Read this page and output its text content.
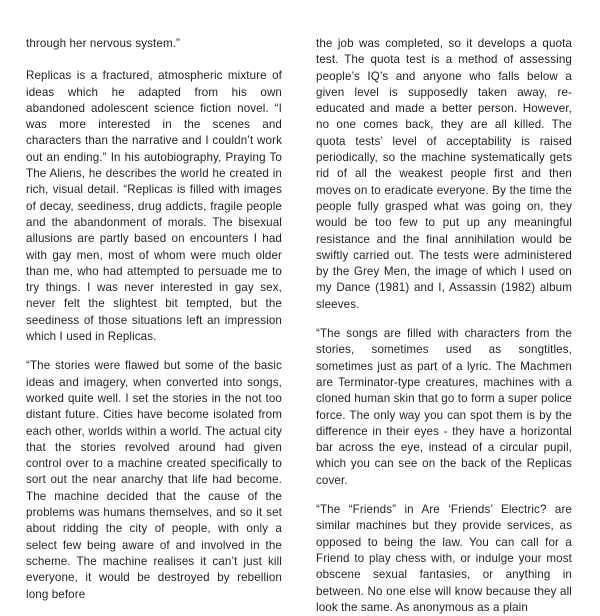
through her nervous system.”

Replicas is a fractured, atmospheric mixture of ideas which he adapted from his own abandoned adolescent science fiction novel. “I was more interested in the scenes and characters than the narrative and I couldn’t work out an ending.” In his autobiography, Praying To The Aliens, he describes the world he created in rich, visual detail. “Replicas is filled with images of decay, seediness, drug addicts, fragile people and the abandonment of morals. The bisexual allusions are partly based on encounters I had with gay men, most of whom were much older than me, who had attempted to persuade me to try things. I was never interested in gay sex, never felt the slightest bit tempted, but the seediness of those situations left an impression which I used in Replicas.

“The stories were flawed but some of the basic ideas and imagery, when converted into songs, worked quite well. I set the stories in the not too distant future. Cities have become isolated from each other, worlds within a world. The actual city that the stories revolved around had given control over to a machine created specifically to sort out the near anarchy that life had become. The machine decided that the cause of the problems was humans themselves, and so it set about ridding the city of people, with only a select few being aware of and involved in the scheme. The machine realises it can’t just kill everyone, it would be destroyed by rebellion long before

the job was completed, so it develops a quota test. The quota test is a method of assessing people’s IQ’s and anyone who falls below a given level is supposedly taken away, re-educated and made a better person. However, no one comes back, they are all killed. The quota tests’ level of acceptability is raised periodically, so the machine systematically gets rid of all the weakest people first and then moves on to eradicate everyone. By the time the people fully grasped what was going on, they would be too few to put up any meaningful resistance and the final annihilation would be swiftly carried out. The tests were administered by the Grey Men, the image of which I used on my Dance (1981) and I, Assassin (1982) album sleeves.

“The songs are filled with characters from the stories, sometimes used as songtitles, sometimes just as part of a lyric. The Machmen are Terminator-type creatures, machines with a cloned human skin that go to form a super police force. The only way you can spot them is by the difference in their eyes - they have a horizontal bar across the eye, instead of a circular pupil, which you can see on the back of the Replicas cover.

“The “Friends” in Are ‘Friends’ Electric? are similar machines but they provide services, as opposed to being the law. You can call for a Friend to play chess with, or indulge your most obscene sexual fantasies, or anything in between. No one else will know because they all look the same. As anonymous as a plain
